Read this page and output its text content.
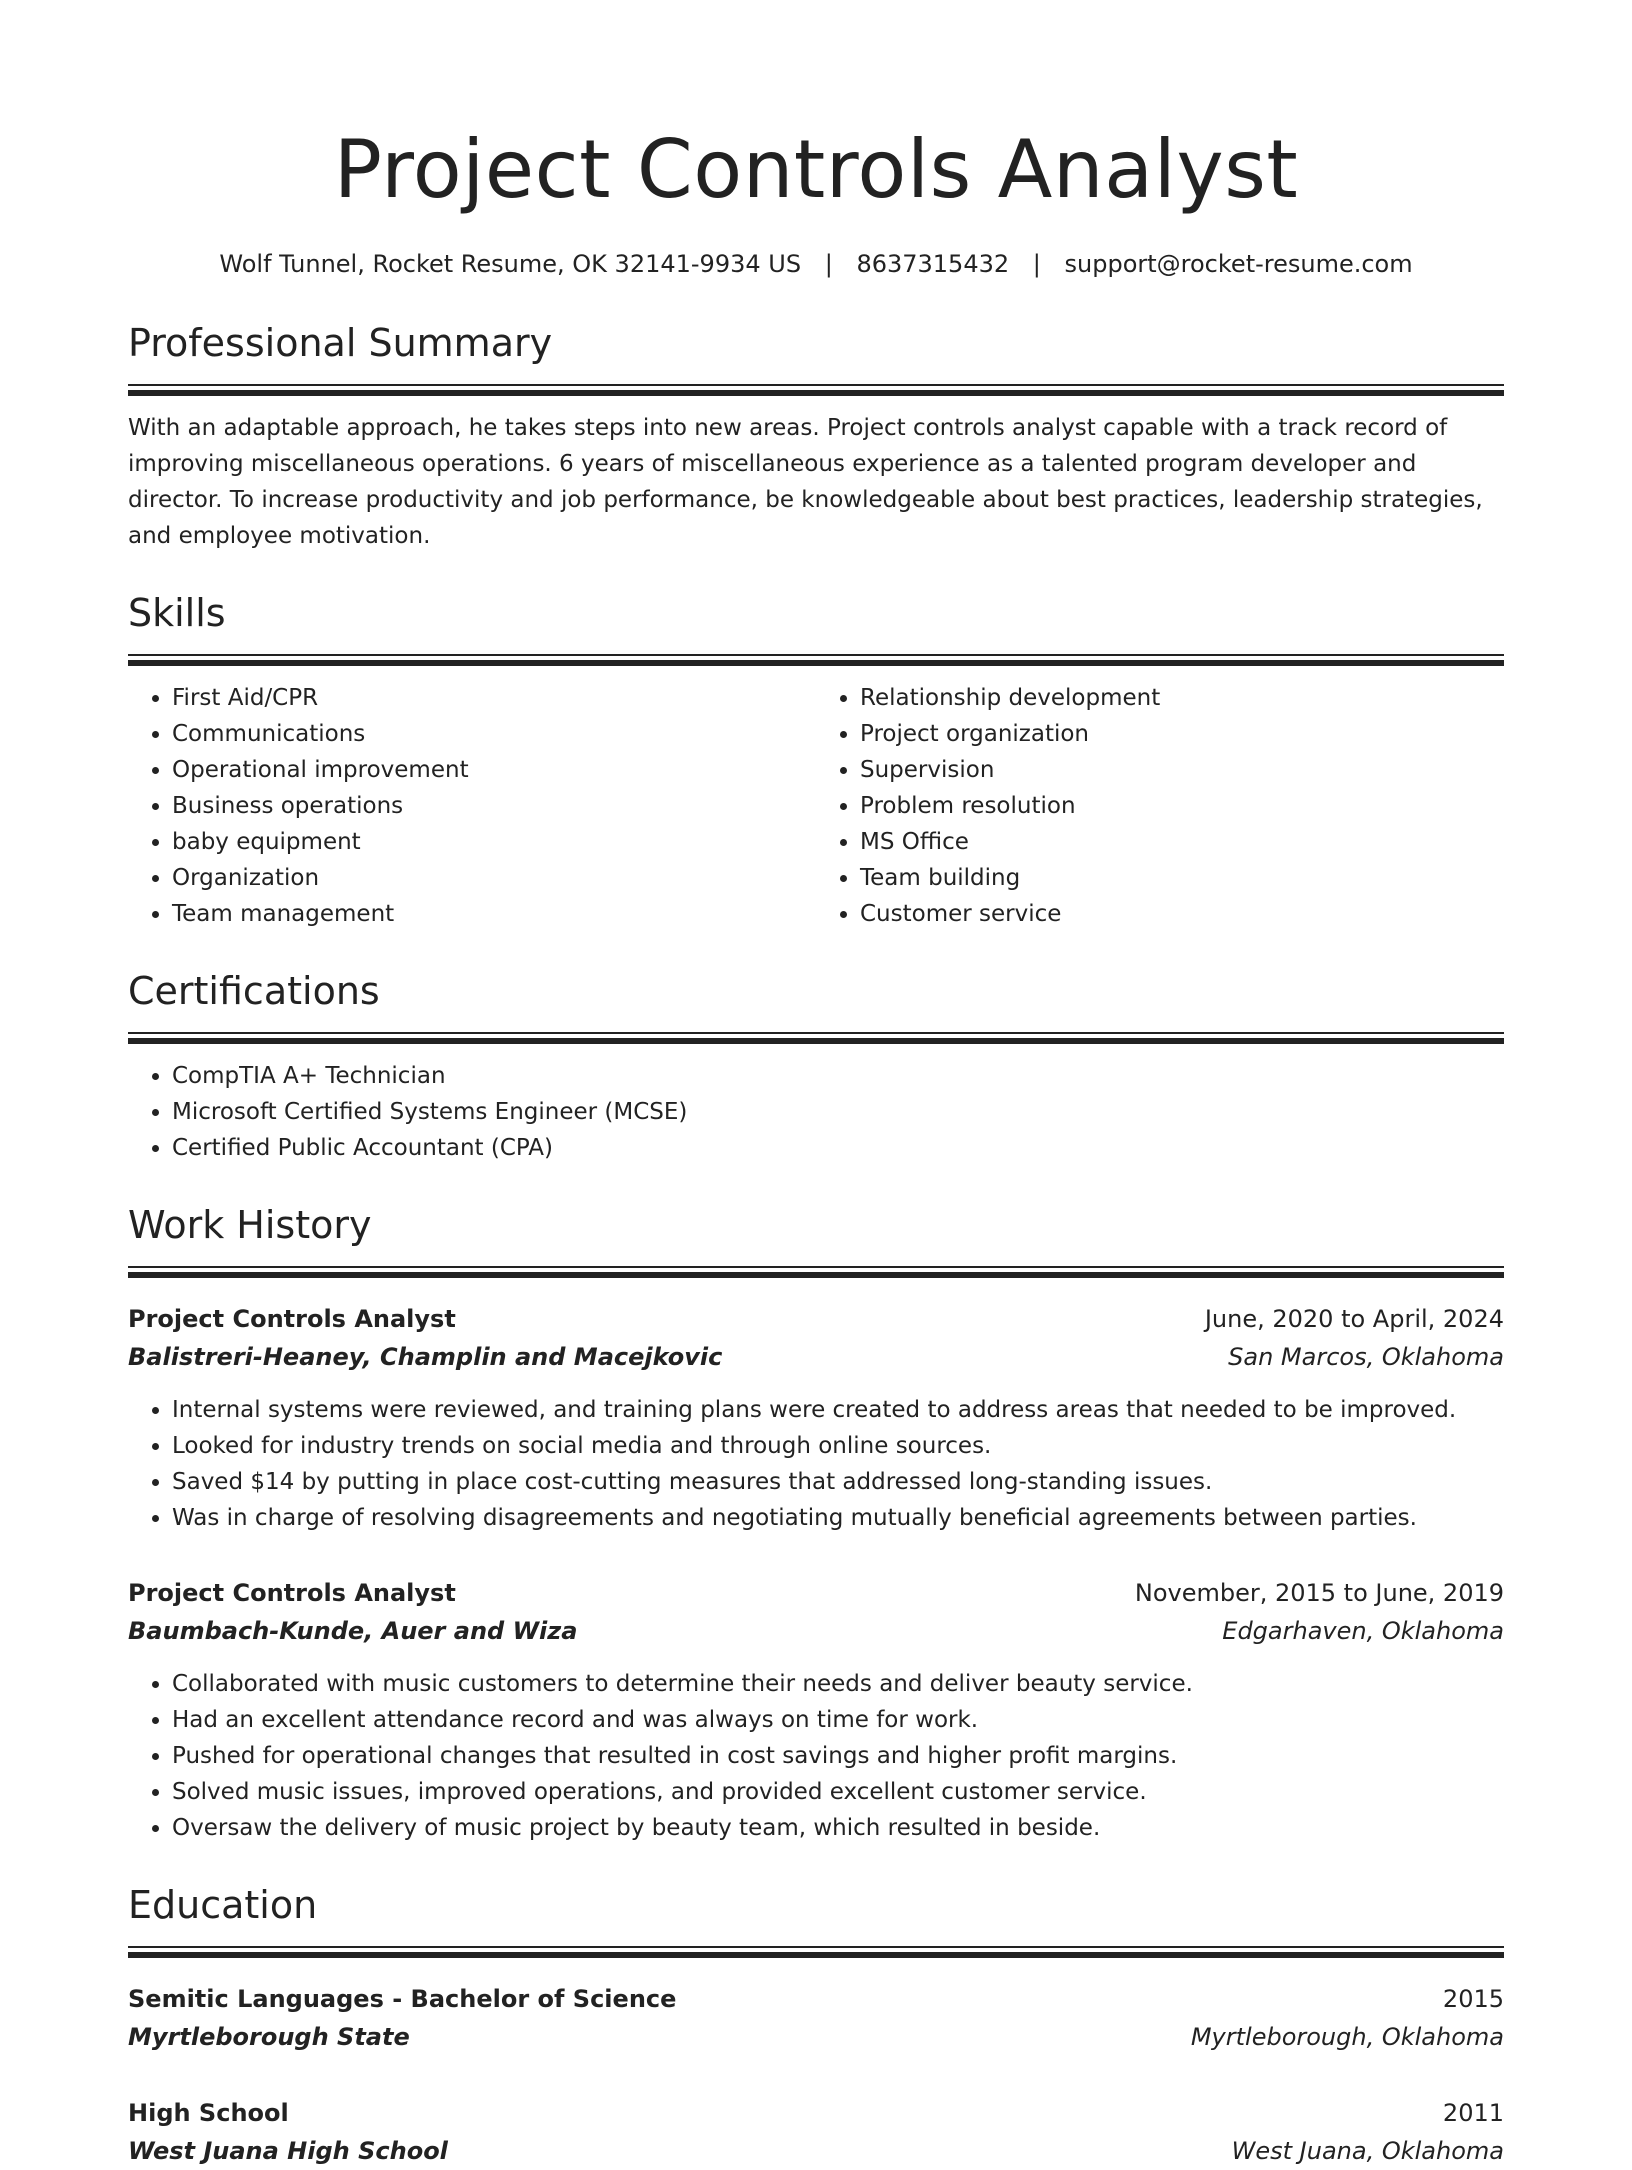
Project Controls Analyst
Wolf Tunnel, Rocket Resume, OK 32141-9934 US | 8637315432 | support@rocket-resume.com
Professional Summary
With an adaptable approach, he takes steps into new areas. Project controls analyst capable with a track record of improving miscellaneous operations. 6 years of miscellaneous experience as a talented program developer and director. To increase productivity and job performance, be knowledgeable about best practices, leadership strategies, and employee motivation.
Skills
• First Aid/CPR
• Communications
• Operational improvement
• Business operations
• baby equipment
• Organization
• Team management
• Relationship development
• Project organization
• Supervision
• Problem resolution
• MS Office
• Team building
• Customer service
Certifications
• CompTIA A+ Technician
• Microsoft Certified Systems Engineer (MCSE)
• Certified Public Accountant (CPA)
Work History
Project Controls Analyst	June, 2020 to April, 2024
Balistreri-Heaney, Champlin and Macejkovic	San Marcos, Oklahoma
• Internal systems were reviewed, and training plans were created to address areas that needed to be improved.
• Looked for industry trends on social media and through online sources.
• Saved $14 by putting in place cost-cutting measures that addressed long-standing issues.
• Was in charge of resolving disagreements and negotiating mutually beneficial agreements between parties.
Project Controls Analyst	November, 2015 to June, 2019
Baumbach-Kunde, Auer and Wiza	Edgarhaven, Oklahoma
• Collaborated with music customers to determine their needs and deliver beauty service.
• Had an excellent attendance record and was always on time for work.
• Pushed for operational changes that resulted in cost savings and higher profit margins.
• Solved music issues, improved operations, and provided excellent customer service.
• Oversaw the delivery of music project by beauty team, which resulted in beside.
Education
Semitic Languages - Bachelor of Science	2015
Myrtleborough State	Myrtleborough, Oklahoma
High School	2011
West Juana High School	West Juana, Oklahoma
